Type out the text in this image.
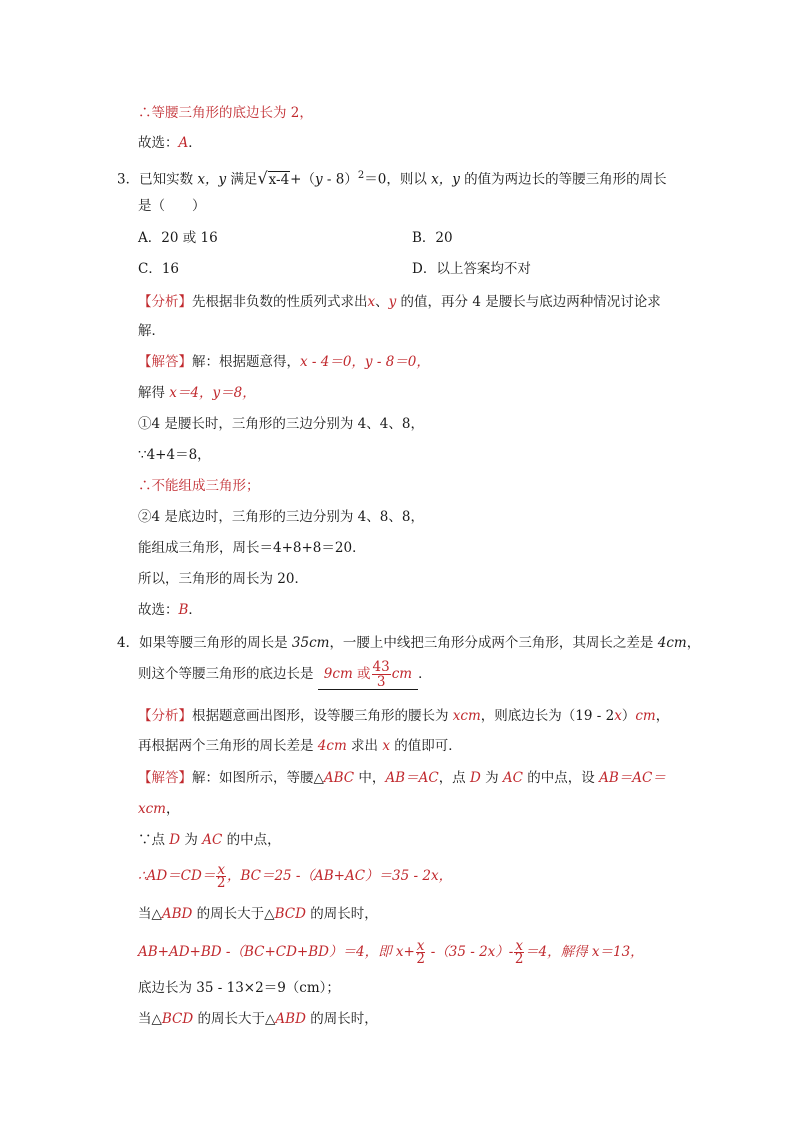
∴等腰三角形的底边长为 2，
故选：A．
3．已知实数 x，y 满足√x-4+（y - 8）$^2$＝0，则以 x，y 的值为两边长的等腰三角形的周长
是（　　）
A．20 或 16	B．20
C．16	D．以上答案均不对
【分析】先根据非负数的性质列式求出x、y 的值，再分 4 是腰长与底边两种情况讨论求
解．
【解答】解：根据题意得，x - 4＝0，y - 8＝0，
解得 x＝4，y＝8，
①4 是腰长时，三角形的三边分别为 4、4、8，
∵4+4＝8，
∴不能组成三角形；
②4 是底边时，三角形的三边分别为 4、8、8，
能组成三角形，周长＝4+8+8＝20．
所以，三角形的周长为 20．
故选：B．
4．如果等腰三角形的周长是 35cm，一腰上中线把三角形分成两个三角形，其周长之差是 4cm，
则这个等腰三角形的底边长是 9cm 或 $\frac{43}{3}$ cm ．
【分析】根据题意画出图形，设等腰三角形的腰长为 xcm，则底边长为（19 - 2x）cm，
再根据两个三角形的周长差是 4cm 求出 x 的值即可．
【解答】解：如图所示，等腰△ABC 中，AB＝AC，点 D 为 AC 的中点，设 AB＝AC＝
xcm，
∵点 D 为 AC 的中点，
∴AD＝CD＝ $\frac{x}{2}$ ，BC＝25 -（AB+AC）＝35 - 2x，
当△ABD 的周长大于△BCD 的周长时，
AB+AD+BD -（BC+CD+BD）＝4，即 $x+ \frac{x}{2} -(35 - 2x)- \frac{x}{2} =4$，解得 x＝13，
底边长为 35 - 13×2＝9（cm）；
当△BCD 的周长大于△ABD 的周长时，
